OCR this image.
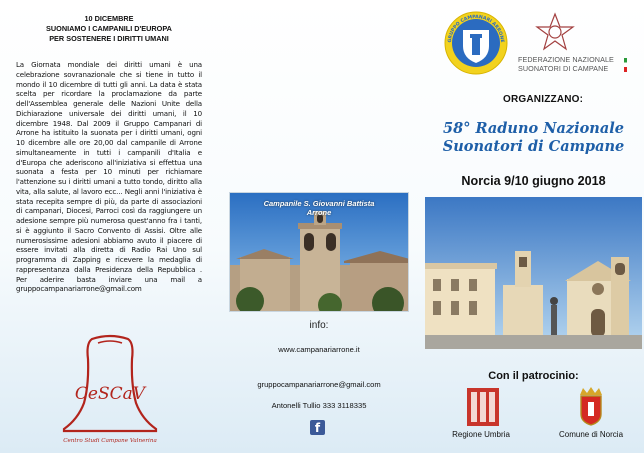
10 DICEMBRE
SUONIAMO I CAMPANILI D'EUROPA
PER SOSTENERE I DIRITTI UMANI

La Giornata mondiale dei diritti umani è una celebrazione sovranazionale che si tiene in tutto il mondo il 10 dicembre di tutti gli anni. La data è stata scelta per ricordare la proclamazione da parte dell'Assemblea generale delle Nazioni Unite della Dichiarazione universale dei diritti umani, il 10 dicembre 1948. Dal 2009 il Gruppo Campanari di Arrone ha istituito la suonata per i diritti umani, ogni 10 dicembre alle ore 20,00 dal campanile di Arrone simultaneamente in tutti i campanili d'Italia e d'Europa che aderiscono all'iniziativa si effettua una suonata a festa per 10 minuti per richiamare l'attenzione su i diritti umani a tutto tondo, diritto alla vita, alla salute, al lavoro ecc... Negli anni l'iniziativa è stata recepita sempre di più, da parte di associazioni di campanari, Diocesi, Parroci così da raggiungere un adesione sempre più numerosa quest'anno fra i tanti, si è aggiunto il Sacro Convento di Assisi. Oltre alle numerosissime adesioni abbiamo avuto il piacere di essere invitati alla diretta di Radio Rai Uno sul programma di Zapping e ricevere la medaglia di rappresentanza dalla Presidenza della Repubblica . Per aderire basta inviare una mail a gruppocampanariarrone@gmail.com

CeSCaV
Centro Studi Campane Valnerina
Campanile S. Giovanni Battista
Arrone
info:
www.campanariarrone.it
gruppocampanariarrone@gmail.com
Antonelli Tullio 333 3118335
f
GRUPPO CAMPANARI ARRONE
FEDERAZIONE NAZIONALE
SUONATORI DI CAMPANE
ORGANIZZANO:
58° Raduno Nazionale
Suonatori di Campane
Norcia 9/10 giugno 2018
Con il patrocinio:
Regione Umbria	Comune di Norcia
